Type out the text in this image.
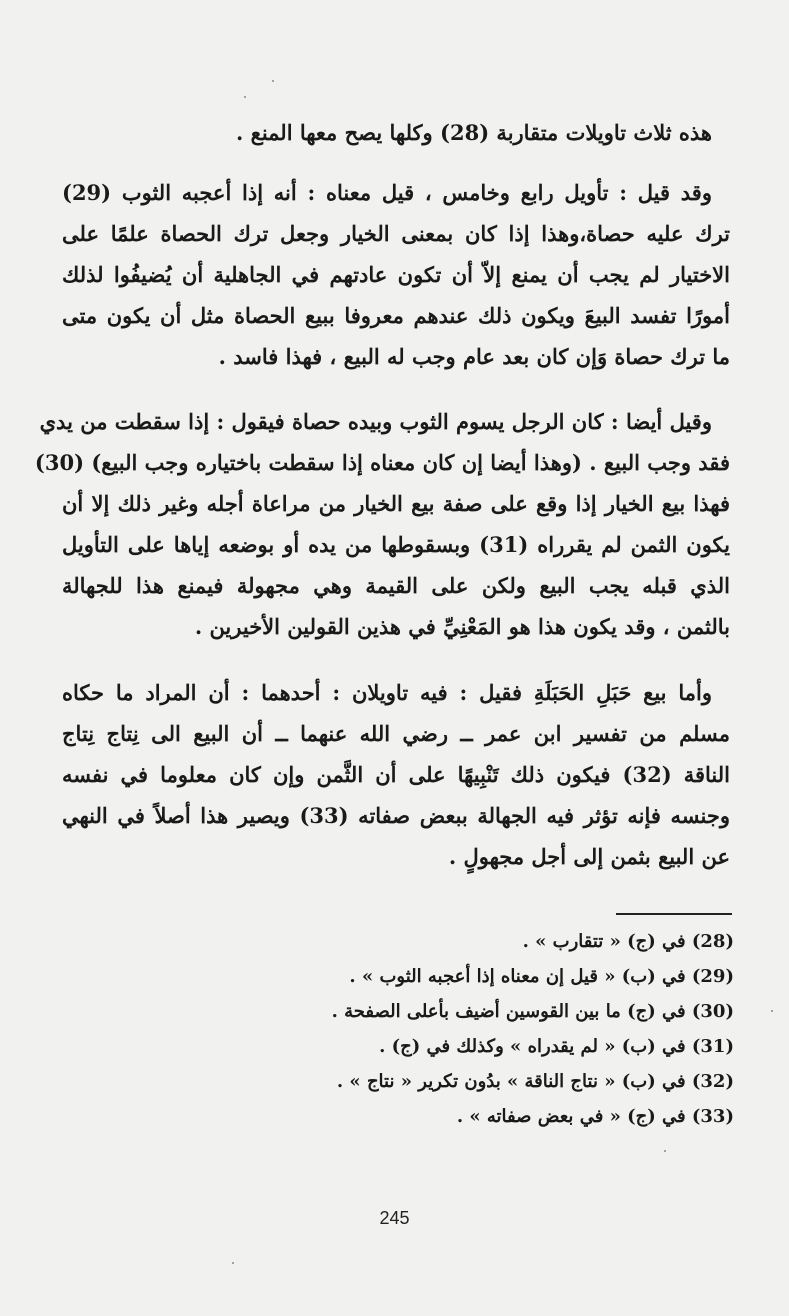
هذه ثلاث تاويلات متقاربة (28) وكلها يصح معها المنع .
وقد قيل : تأويل رابع وخامس ، قيل معناه : أنه إذا أعجبه الثوب (29)
ترك عليه حصاة،وهذا إذا كان بمعنى الخيار وجعل ترك الحصاة علمًا على
الاختيار لم يجب أن يمنع إلاّ أن تكون عادتهم في الجاهلية أن يُضيفُوا لذلك
أمورًا تفسد البيعَ ويكون ذلك عندهم معروفا ببيع الحصاة مثل أن يكون متى
ما ترك حصاة وَإن كان بعد عام وجب له البيع ، فهذا فاسد .
وقيل أيضا : كان الرجل يسوم الثوب وبيده حصاة فيقول : إذا سقطت من يدي
فقد وجب البيع . (وهذا أيضا إن كان معناه إذا سقطت باختياره وجب البيع) (30)
فهذا بيع الخيار إذا وقع على صفة بيع الخيار من مراعاة أجله وغير ذلك إلا أن
يكون الثمن لم يقرراه (31) وبسقوطها من يده أو بوضعه إياها على التأويل
الذي قبله يجب البيع ولكن على القيمة وهي مجهولة فيمنع هذا للجهالة
بالثمن ، وقد يكون هذا هو المَعْنِيِّ في هذين القولين الأخيرين .
وأما بيع حَبَلِ الحَبَلَةِ فقيل : فيه تاويلان : أحدهما : أن المراد ما حكاه
مسلم من تفسير ابن عمر ــ رضي الله عنهما ــ أن البيع الى نِتاج نِتاج
الناقة (32) فيكون ذلك تَنْبِيهًا على أن الثَّمن وإن كان معلوما في نفسه
وجنسه فإنه تؤثر فيه الجهالة ببعض صفاته (33) ويصير هذا أصلاً في النهي
عن البيع بثمن إلى أجل مجهولٍ .
(28) في (ج) « تتقارب » .
(29) في (ب) « قيل إن معناه إذا أعجبه الثوب » .
(30) في (ج) ما بين القوسين أضيف بأعلى الصفحة .
(31) في (ب) « لم يقدراه » وكذلك في (ج) .
(32) في (ب) « نتاج الناقة » بدُون تكرير « نتاج » .
(33) في (ج) « في بعض صفاته » .
245
